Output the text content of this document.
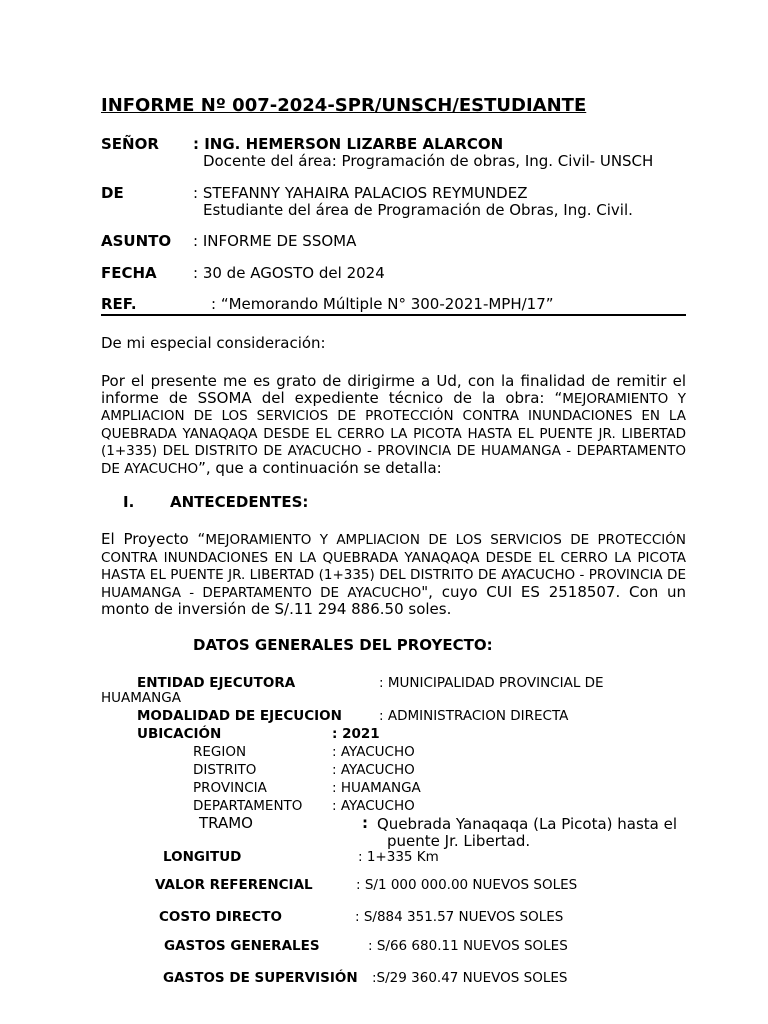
INFORME Nº 007-2024-SPR/UNSCH/ESTUDIANTE
SEÑOR : ING. HEMERSON LIZARBE ALARCON
Docente del área: Programación de obras, Ing. Civil- UNSCH
DE	: STEFANNY YAHAIRA PALACIOS REYMUNDEZ
Estudiante del área de Programación de Obras, Ing. Civil.
ASUNTO : INFORME DE SSOMA
FECHA : 30 de AGOSTO del 2024
REF.	: “Memorando Múltiple N° 300-2021-MPH/17”
De mi especial consideración:
Por el presente me es grato de dirigirme a Ud, con la finalidad de remitir el informe de SSOMA del expediente técnico de la obra: “MEJORAMIENTO Y AMPLIACION DE LOS SERVICIOS DE PROTECCIÓN CONTRA INUNDACIONES EN LA QUEBRADA YANAQAQA DESDE EL CERRO LA PICOTA HASTA EL PUENTE JR. LIBERTAD (1+335) DEL DISTRITO DE AYACUCHO - PROVINCIA DE HUAMANGA - DEPARTAMENTO DE AYACUCHO”, que a continuación se detalla:
I. ANTECEDENTES:
El Proyecto “MEJORAMIENTO Y AMPLIACION DE LOS SERVICIOS DE PROTECCIÓN CONTRA INUNDACIONES EN LA QUEBRADA YANAQAQA DESDE EL CERRO LA PICOTA HASTA EL PUENTE JR. LIBERTAD (1+335) DEL DISTRITO DE AYACUCHO - PROVINCIA DE HUAMANGA - DEPARTAMENTO DE AYACUCHO", cuyo CUI ES 2518507. Con un monto de inversión de S/.11 294 886.50 soles.
DATOS GENERALES DEL PROYECTO:
ENTIDAD EJECUTORA	: MUNICIPALIDAD PROVINCIAL DE
HUAMANGA
MODALIDAD DE EJECUCION	: ADMINISTRACION DIRECTA
UBICACIÓN	: 2021
REGION	: AYACUCHO
DISTRITO	: AYACUCHO
PROVINCIA	: HUAMANGA
DEPARTAMENTO : AYACUCHO
TRAMO	: Quebrada Yanaqaqa (La Picota) hasta el
puente Jr. Libertad.
LONGITUD	: 1+335 Km
VALOR REFERENCIAL	: S/1 000 000.00 NUEVOS SOLES
COSTO DIRECTO	: S/884 351.57 NUEVOS SOLES
GASTOS GENERALES	: S/66 680.11 NUEVOS SOLES
GASTOS DE SUPERVISIÓN :S/29 360.47 NUEVOS SOLES
